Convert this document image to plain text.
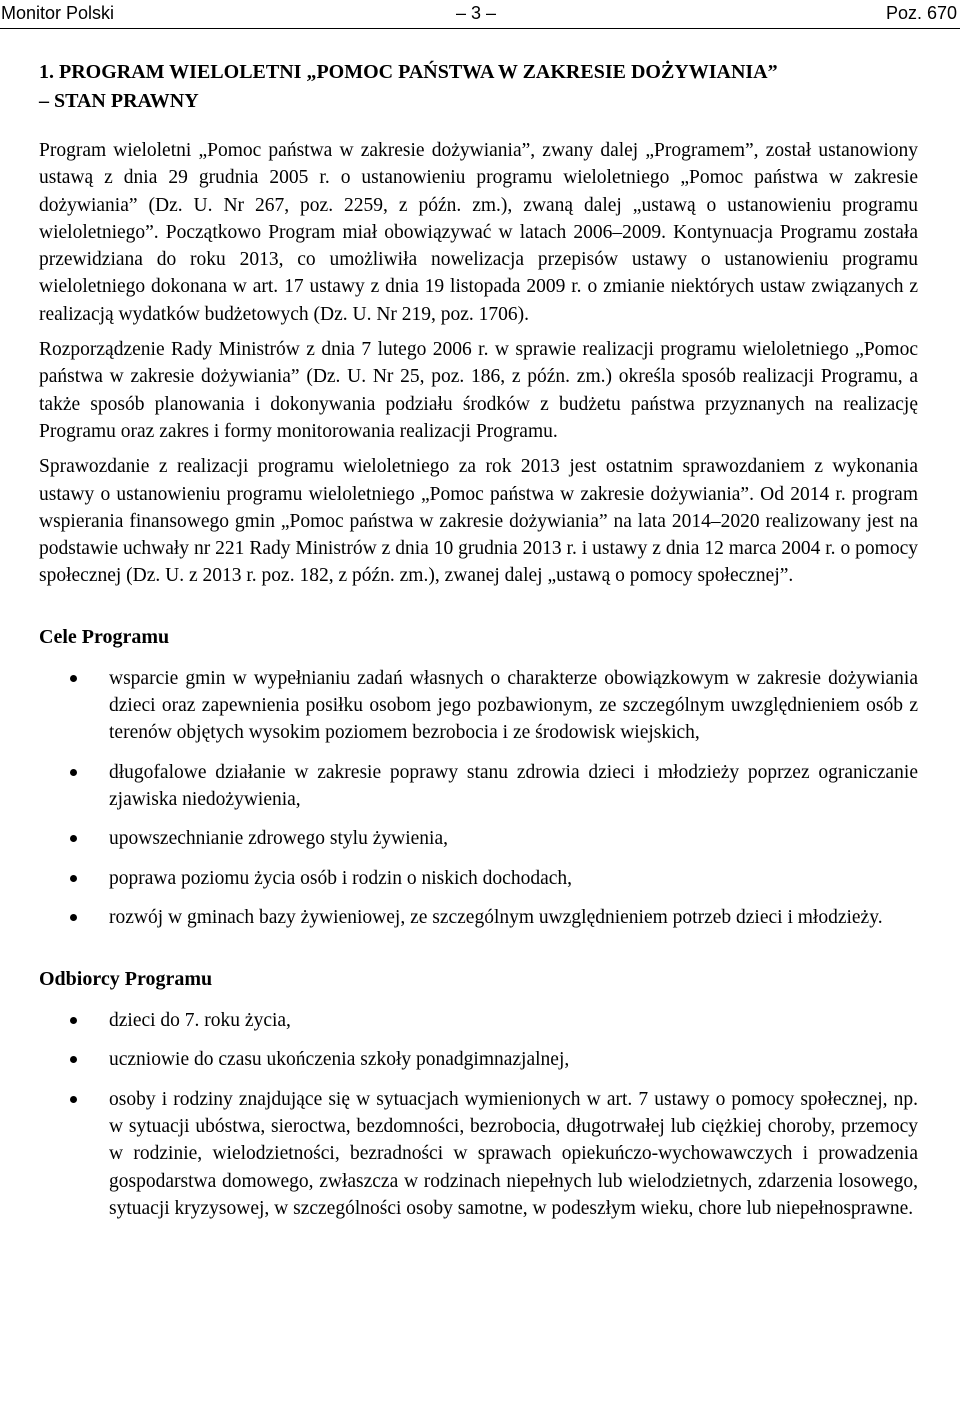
Monitor Polski	– 3 –	Poz. 670
1. PROGRAM WIELOLETNI „POMOC PAŃSTWA W ZAKRESIE DOŻYWIANIA”
– STAN PRAWNY

Program wieloletni „Pomoc państwa w zakresie dożywiania”, zwany dalej „Programem”, został ustanowiony ustawą z dnia 29 grudnia 2005 r. o ustanowieniu programu wieloletniego „Pomoc państwa w zakresie dożywiania” (Dz. U. Nr 267, poz. 2259, z późn. zm.), zwaną dalej „ustawą o ustanowieniu programu wieloletniego”. Początkowo Program miał obowiązywać w latach 2006–2009. Kontynuacja Programu została przewidziana do roku 2013, co umożliwiła nowelizacja przepisów ustawy o ustanowieniu programu wieloletniego dokonana w art. 17 ustawy z dnia 19 listopada 2009 r. o zmianie niektórych ustaw związanych z realizacją wydatków budżetowych (Dz. U. Nr 219, poz. 1706).

Rozporządzenie Rady Ministrów z dnia 7 lutego 2006 r. w sprawie realizacji programu wieloletniego „Pomoc państwa w zakresie dożywiania” (Dz. U. Nr 25, poz. 186, z późn. zm.) określa sposób realizacji Programu, a także sposób planowania i dokonywania podziału środków z budżetu państwa przyznanych na realizację Programu oraz zakres i formy monitorowania realizacji Programu.

Sprawozdanie z realizacji programu wieloletniego za rok 2013 jest ostatnim sprawozdaniem z wykonania ustawy o ustanowieniu programu wieloletniego „Pomoc państwa w zakresie dożywiania”. Od 2014 r. program wspierania finansowego gmin „Pomoc państwa w zakresie dożywiania” na lata 2014–2020 realizowany jest na podstawie uchwały nr 221 Rady Ministrów z dnia 10 grudnia 2013 r. i ustawy z dnia 12 marca 2004 r. o pomocy społecznej (Dz. U. z 2013 r. poz. 182, z późn. zm.), zwanej dalej „ustawą o pomocy społecznej”.

Cele Programu
wsparcie gmin w wypełnianiu zadań własnych o charakterze obowiązkowym w zakresie dożywiania dzieci oraz zapewnienia posiłku osobom jego pozbawionym, ze szczególnym uwzględnieniem osób z terenów objętych wysokim poziomem bezrobocia i ze środowisk wiejskich,
długofalowe działanie w zakresie poprawy stanu zdrowia dzieci i młodzieży poprzez ograniczanie zjawiska niedożywienia,
upowszechnianie zdrowego stylu żywienia,
poprawa poziomu życia osób i rodzin o niskich dochodach,
rozwój w gminach bazy żywieniowej, ze szczególnym uwzględnieniem potrzeb dzieci i młodzieży.
Odbiorcy Programu
dzieci do 7. roku życia,
uczniowie do czasu ukończenia szkoły ponadgimnazjalnej,
osoby i rodziny znajdujące się w sytuacjach wymienionych w art. 7 ustawy o pomocy społecznej, np. w sytuacji ubóstwa, sieroctwa, bezdomności, bezrobocia, długotrwałej lub ciężkiej choroby, przemocy w rodzinie, wielodzietności, bezradności w sprawach opiekuńczo-wychowawczych i prowadzenia gospodarstwa domowego, zwłaszcza w rodzinach niepełnych lub wielodzietnych, zdarzenia losowego, sytuacji kryzysowej, w szczególności osoby samotne, w podeszłym wieku, chore lub niepełnosprawne.
